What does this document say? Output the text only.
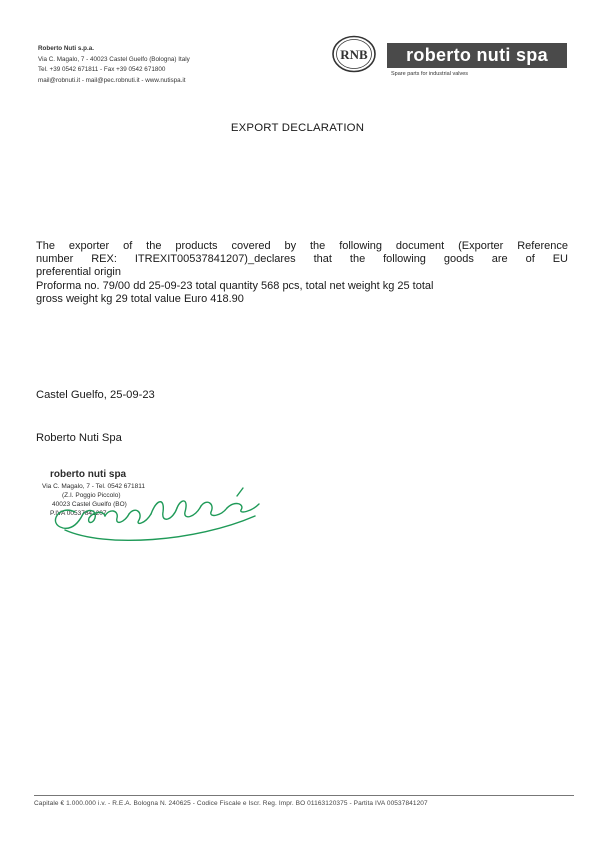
Roberto Nuti s.p.a.
Via C. Magalo, 7 - 40023 Castel Guelfo (Bologna) Italy
Tel. +39 0542 671811 - Fax +39 0542 671800
mail@robnuti.it - mail@pec.robnuti.it - www.nutispa.it
RNB	roberto nuti spa
Spare parts for industrial valves
EXPORT DECLARATION

The exporter of the products covered by the following document (Exporter Reference

number REX: ITREXIT00537841207)_declares that the following goods are of EU

preferential origin

Proforma no. 79/00 dd 25-09-23 total quantity 568 pcs, total net weight kg 25 total

gross weight kg 29 total value Euro 418.90

Castel Guelfo, 25-09-23
Roberto Nuti Spa
roberto nuti spa
Via C. Magalo, 7 - Tel. 0542 671811
(Z.I. Poggio Piccolo)
40023 Castel Guelfo (BO)
P.IVA 00537841207
Capitale € 1.000.000 i.v. - R.E.A. Bologna N. 240625 - Codice Fiscale e Iscr. Reg. Impr. BO 01163120375 - Partita IVA 00537841207
